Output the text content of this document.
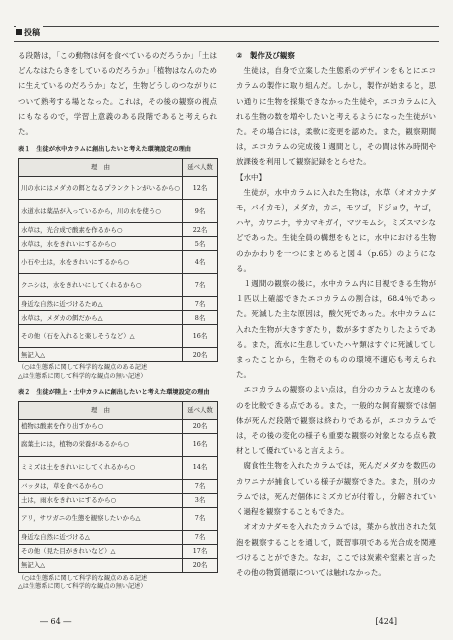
投稿

る段階は，「この動物は何を食べているのだろうか」「土はどんなはたらきをしているのだろうか」「植物はなんのために生えているのだろうか」など，生物どうしのつながりについて熟考する場となった。これは，その後の観察の視点にもなるので，学習上意義のある段階であると考えられた。

表１ 生徒が水中カラムに創出したいと考えた環境設定の理由
理　由	延べ人数
川の水にはメダカの餌となるプランクトンがいるから○	12名
水道水は薬品が入っているから，川の水を使う○	9名
水草は，光合成で酸素を作るから○	22名
水草は，水をきれいにするから○	5名
小石や土は，水をきれいにするから○	4名
クニシは，水をきれいにしてくれるから○	7名
身近な自然に近づけるため△	7名
水草は，メダカの餌だから△	8名
その他（石を入れると楽しそうなど）△	16名
無記入△	20名
（○は生態系に関して科学的な観点のある記述
△は生態系に関して科学的な観点の無い記述）
表２ 生徒が陸上・土中カラムに創出したいと考えた環境設定の理由
理　由	延べ人数
植物は酸素を作り出すから○	20名
腐葉土には，植物の栄養があるから○	16名
ミミズは土をきれいにしてくれるから○	14名
バッタは，草を食べるから○	7名
土は，雨水をきれいにするから○	3名
アリ，サワガニの生態を観察したいから△	7名
身近な自然に近づける△	7名
その他（見た目がきれいなど）△	17名
無記入△	20名
（○は生態系に関して科学的な観点のある記述
△は生態系に関して科学的な観点の無い記述）

②　製作及び観察

生徒は，自身で立案した生態系のデザインをもとにエコカラムの製作に取り組んだ。しかし，製作が始まると，思い通りに生物を採集できなかった生徒や，エコカラムに入れる生物の数を増やしたいと考えるようになった生徒がいた。その場合には，柔軟に変更を認めた。また，観察期間は，エコカラムの完成後１週間とし，その間は休み時間や放課後を利用して観察記録をとらせた。

【水中】

生徒が，水中カラムに入れた生物は，水草（オオカナダモ，バイカモ），メダカ，カニ，モツゴ，ドジョウ，ヤゴ，ハヤ，カワニナ，サカマキガイ，マツモムシ，ミズスマシなどであった。生徒全員の構想をもとに，水中における生物のかかわりを一つにまとめると図４（p.65）のようになる。

１週間の観察の後に，水中カラム内に目視できる生物が１匹以上確認できたエコカラムの割合は，68.4％であった。死滅した主な原因は，酸欠死であった。水中カラムに入れた生物が大きすぎたり，数が多すぎたりしたようである。また，流水に生息していたハヤ類はすぐに死滅してしまったことから，生物そのものの環境不適応も考えられた。

エコカラムの観察のよい点は，自分のカラムと友達のものを比較できる点である。また，一般的な飼育観察では個体が死んだ段階で観察は終わりであるが，エコカラムでは，その後の変化の様子も重要な観察の対象となる点も教材として優れていると言えよう。

腐食性生物を入れたカラムでは，死んだメダカを数匹のカワニナが捕食している様子が観察できた。また，別のカラムでは，死んだ個体にミズカビが付着し，分解されていく過程を観察することもできた。

オオカナダモを入れたカラムでは，葉から放出された気泡を観察することを通して，既習事項である光合成を関連づけることができた。なお，ここでは炭素や窒素と言ったその他の物質循環については触れなかった。

― 64 ―	[424]
